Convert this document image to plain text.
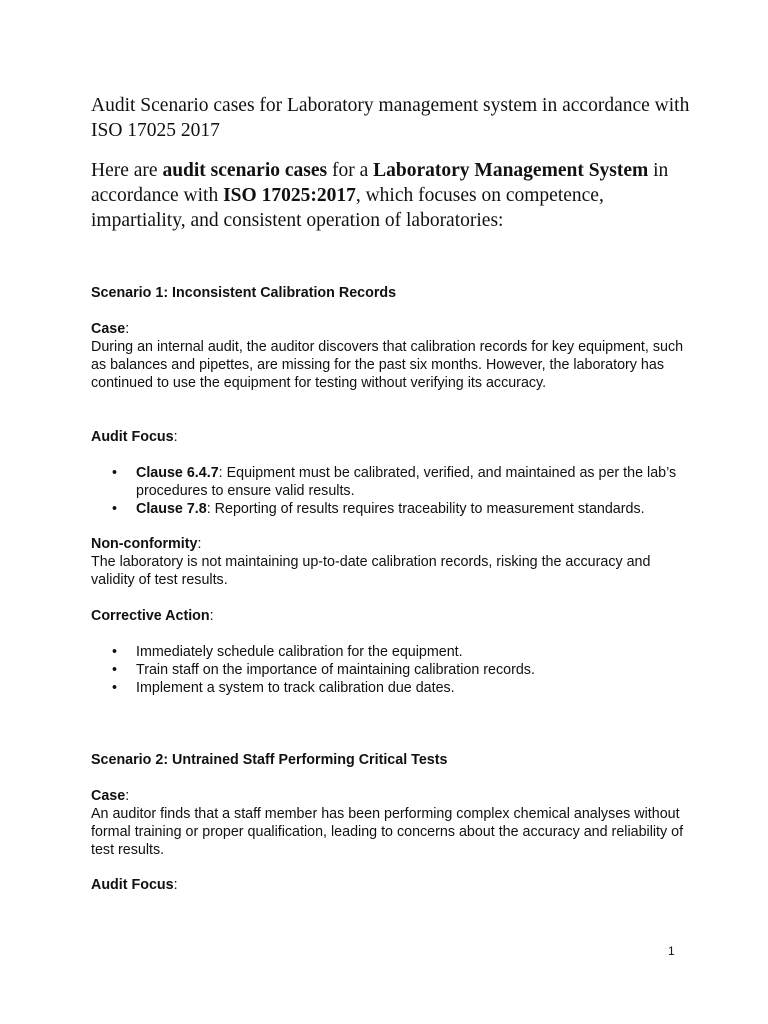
Audit Scenario cases for Laboratory management system in accordance with ISO 17025 2017
Here are audit scenario cases for a Laboratory Management System in accordance with ISO 17025:2017, which focuses on competence, impartiality, and consistent operation of laboratories:
Scenario 1: Inconsistent Calibration Records
Case:
During an internal audit, the auditor discovers that calibration records for key equipment, such as balances and pipettes, are missing for the past six months. However, the laboratory has continued to use the equipment for testing without verifying its accuracy.
Audit Focus:
• Clause 6.4.7: Equipment must be calibrated, verified, and maintained as per the lab’s procedures to ensure valid results.
• Clause 7.8: Reporting of results requires traceability to measurement standards.
Non-conformity:
The laboratory is not maintaining up-to-date calibration records, risking the accuracy and validity of test results.
Corrective Action:
• Immediately schedule calibration for the equipment.
• Train staff on the importance of maintaining calibration records.
• Implement a system to track calibration due dates.
Scenario 2: Untrained Staff Performing Critical Tests
Case:
An auditor finds that a staff member has been performing complex chemical analyses without formal training or proper qualification, leading to concerns about the accuracy and reliability of test results.
Audit Focus:
1
